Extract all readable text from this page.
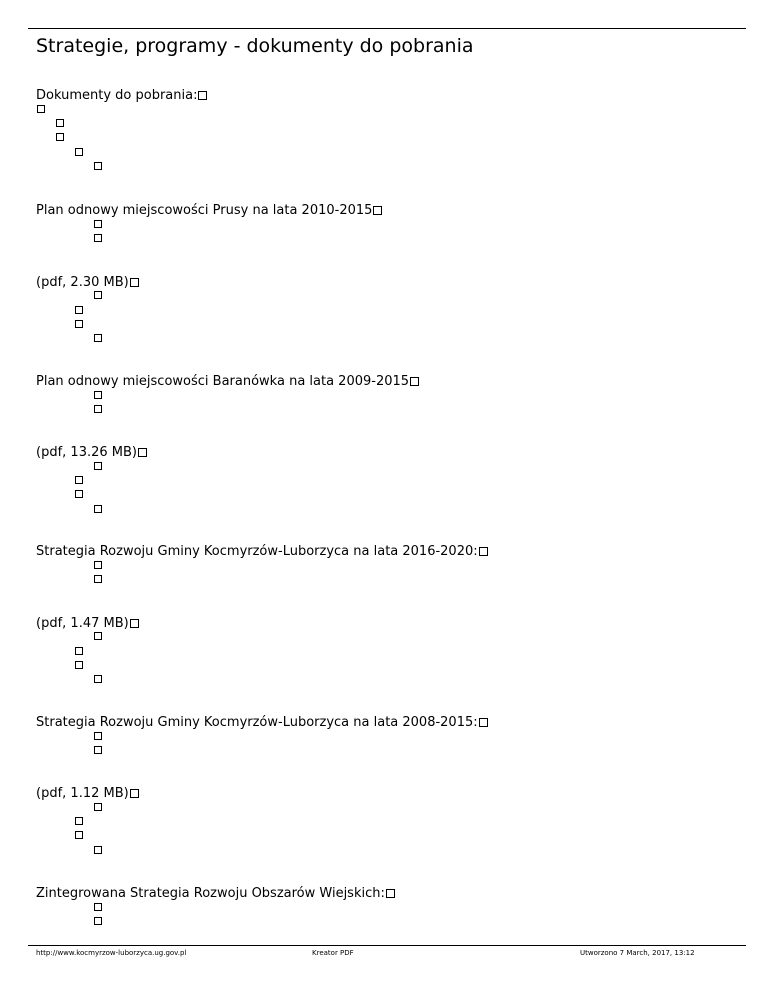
Strategie, programy - dokumenty do pobrania
Dokumenty do pobrania:
Plan odnowy miejscowości Prusy na lata 2010-2015
(pdf, 2.30 MB)
Plan odnowy miejscowości Baranówka na lata 2009-2015
(pdf, 13.26 MB)
Strategia Rozwoju Gminy Kocmyrzów-Luborzyca na lata 2016-2020:
(pdf, 1.47 MB)
Strategia Rozwoju Gminy Kocmyrzów-Luborzyca na lata 2008-2015:
(pdf, 1.12 MB)
Zintegrowana Strategia Rozwoju Obszarów Wiejskich:
http://www.kocmyrzow-luborzyca.ug.gov.pl	Kreator PDF	Utworzono 7 March, 2017, 13:12
